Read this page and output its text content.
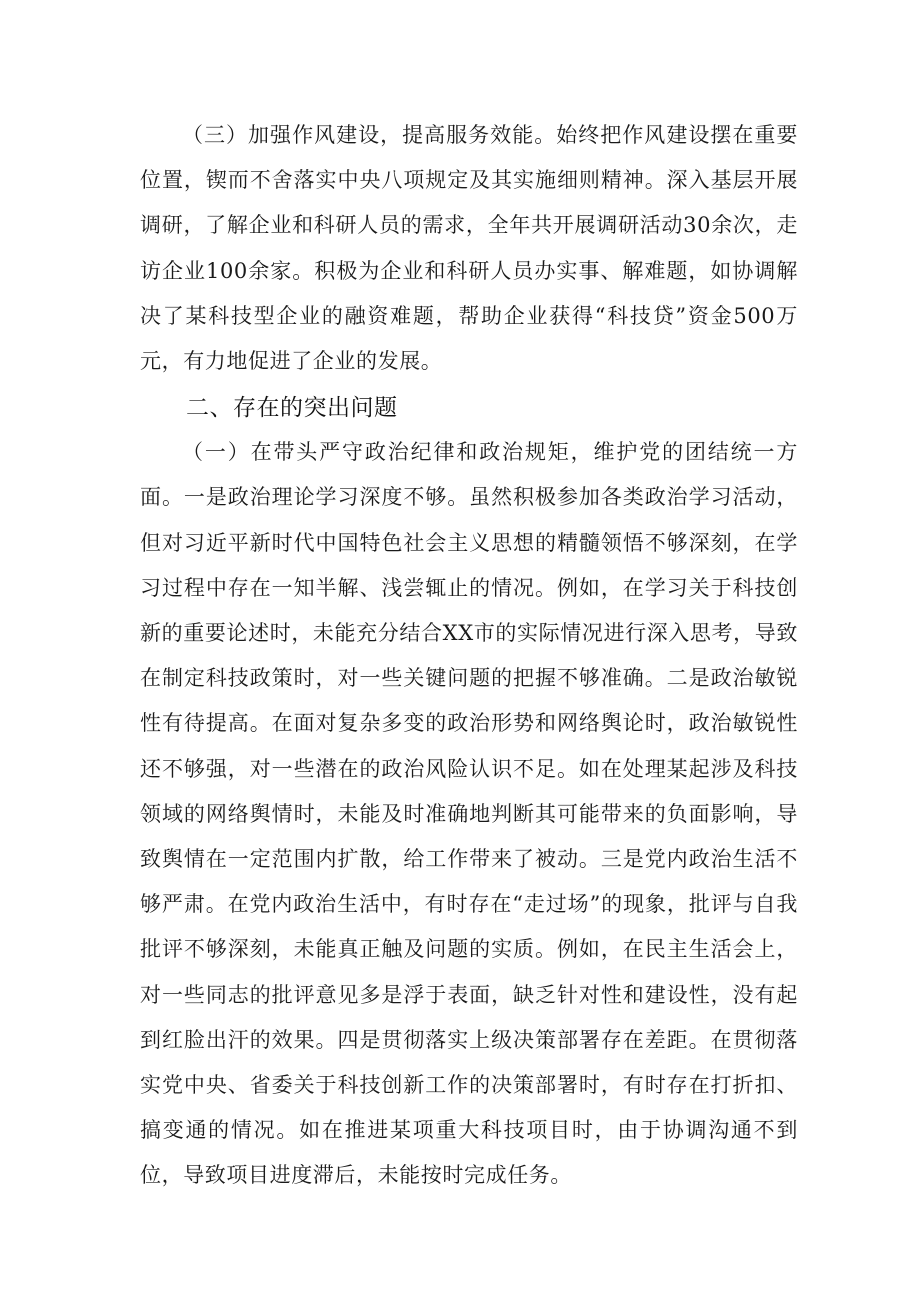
（三）加强作风建设，提高服务效能。始终把作风建设摆在重要位置，锲而不舍落实中央八项规定及其实施细则精神。深入基层开展调研，了解企业和科研人员的需求，全年共开展调研活动30余次，走访企业100余家。积极为企业和科研人员办实事、解难题，如协调解决了某科技型企业的融资难题，帮助企业获得“科技贷”资金500万元，有力地促进了企业的发展。

二、存在的突出问题

（一）在带头严守政治纪律和政治规矩，维护党的团结统一方面。一是政治理论学习深度不够。虽然积极参加各类政治学习活动，但对习近平新时代中国特色社会主义思想的精髓领悟不够深刻，在学习过程中存在一知半解、浅尝辄止的情况。例如，在学习关于科技创新的重要论述时，未能充分结合XX市的实际情况进行深入思考，导致在制定科技政策时，对一些关键问题的把握不够准确。二是政治敏锐性有待提高。在面对复杂多变的政治形势和网络舆论时，政治敏锐性还不够强，对一些潜在的政治风险认识不足。如在处理某起涉及科技领域的网络舆情时，未能及时准确地判断其可能带来的负面影响，导致舆情在一定范围内扩散，给工作带来了被动。三是党内政治生活不够严肃。在党内政治生活中，有时存在“走过场”的现象，批评与自我批评不够深刻，未能真正触及问题的实质。例如，在民主生活会上，对一些同志的批评意见多是浮于表面，缺乏针对性和建设性，没有起到红脸出汗的效果。四是贯彻落实上级决策部署存在差距。在贯彻落实党中央、省委关于科技创新工作的决策部署时，有时存在打折扣、搞变通的情况。如在推进某项重大科技项目时，由于协调沟通不到位，导致项目进度滞后，未能按时完成任务。
